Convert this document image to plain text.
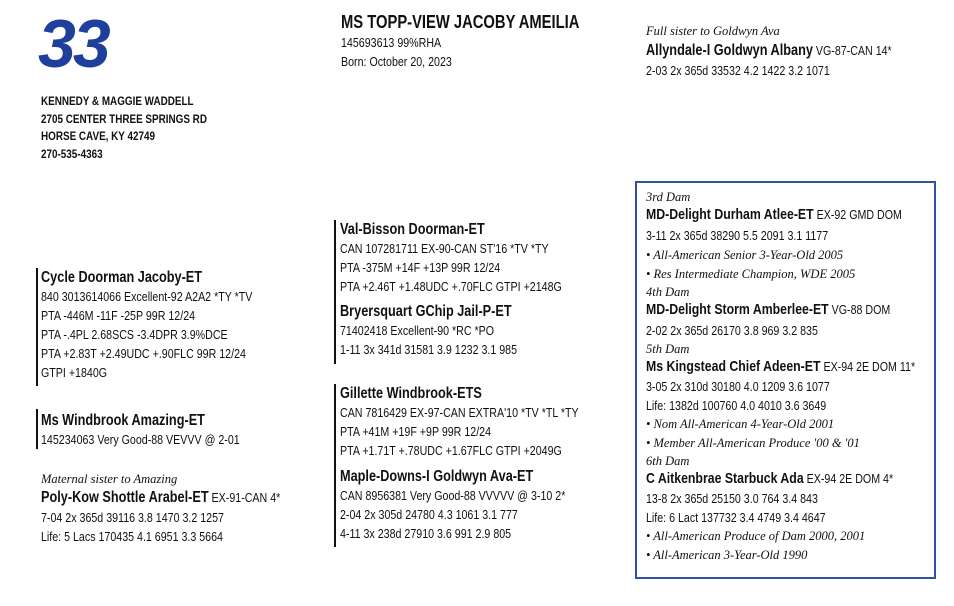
33
KENNEDY & MAGGIE WADDELL
2705 CENTER THREE SPRINGS RD
HORSE CAVE, KY 42749
270-535-4363
MS TOPP-VIEW JACOBY AMEILIA
145693613 99%RHA
Born: October 20, 2023
Full sister to Goldwyn Ava
Allyndale-I Goldwyn Albany VG-87-CAN 14*
2-03 2x 365d 33532 4.2 1422 3.2 1071
Cycle Doorman Jacoby-ET
840 3013614066 Excellent-92 A2A2 *TY *TV
PTA -446M -11F -25P 99R 12/24
PTA -.4PL 2.68SCS -3.4DPR 3.9%DCE
PTA +2.83T +2.49UDC +.90FLC 99R 12/24
GTPI +1840G
Ms Windbrook Amazing-ET
145234063 Very Good-88 VEVVV @ 2-01
Maternal sister to Amazing
Poly-Kow Shottle Arabel-ET EX-91-CAN 4*
7-04 2x 365d 39116 3.8 1470 3.2 1257
Life: 5 Lacs 170435 4.1 6951 3.3 5664
Val-Bisson Doorman-ET
CAN 107281711 EX-90-CAN ST'16 *TV *TY
PTA -375M +14F +13P 99R 12/24
PTA +2.46T +1.48UDC +.70FLC GTPI +2148G
Bryersquart GChip Jail-P-ET
71402418 Excellent-90 *RC *PO
1-11 3x 341d 31581 3.9 1232 3.1 985
Gillette Windbrook-ETS
CAN 7816429 EX-97-CAN EXTRA'10 *TV *TL *TY
PTA +41M +19F +9P 99R 12/24
PTA +1.71T +.78UDC +1.67FLC GTPI +2049G
Maple-Downs-I Goldwyn Ava-ET
CAN 8956381 Very Good-88 VVVVV @ 3-10 2*
2-04 2x 305d 24780 4.3 1061 3.1 777
4-11 3x 238d 27910 3.6 991 2.9 805
3rd Dam
MD-Delight Durham Atlee-ET EX-92 GMD DOM
3-11 2x 365d 38290 5.5 2091 3.1 1177
• All-American Senior 3-Year-Old 2005
• Res Intermediate Champion, WDE 2005
4th Dam
MD-Delight Storm Amberlee-ET VG-88 DOM
2-02 2x 365d 26170 3.8 969 3.2 835
5th Dam
Ms Kingstead Chief Adeen-ET EX-94 2E DOM 11*
3-05 2x 310d 30180 4.0 1209 3.6 1077
Life: 1382d 100760 4.0 4010 3.6 3649
• Nom All-American 4-Year-Old 2001
• Member All-American Produce '00 & '01
6th Dam
C Aitkenbrae Starbuck Ada EX-94 2E DOM 4*
13-8 2x 365d 25150 3.0 764 3.4 843
Life: 6 Lact 137732 3.4 4749 3.4 4647
• All-American Produce of Dam 2000, 2001
• All-American 3-Year-Old 1990
